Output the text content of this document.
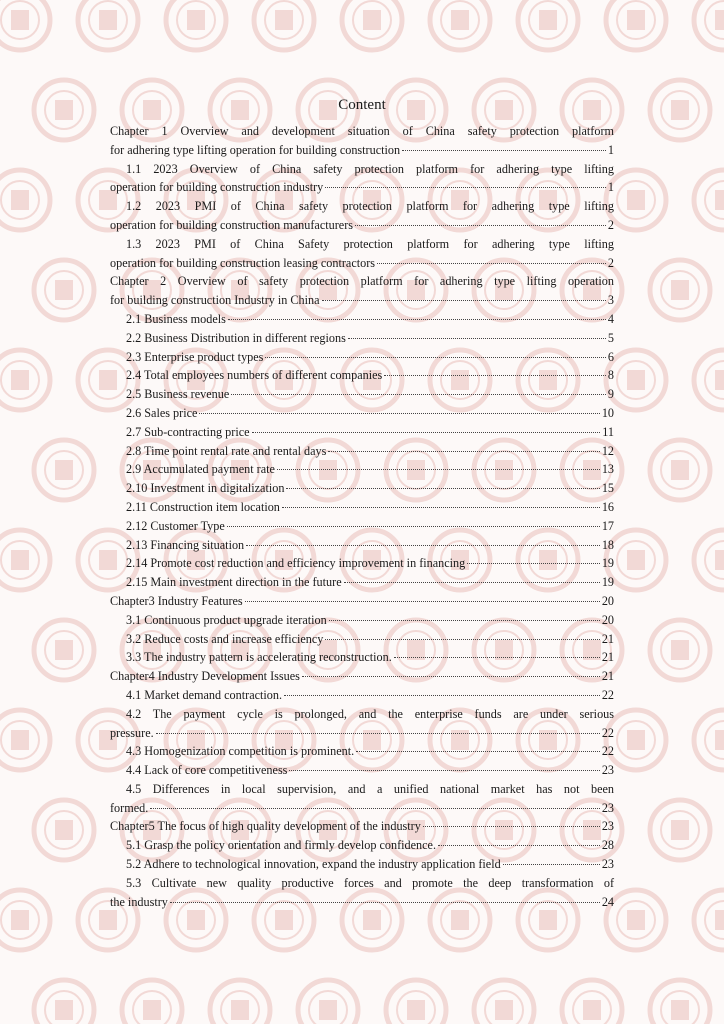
Content
Chapter 1 Overview and development situation of China safety protection platform
for adhering type lifting operation for building construction	1
1.1 2023 Overview of China safety protection platform for adhering type lifting
operation for building construction industry	1
1.2 2023 PMI of China safety protection platform for adhering type lifting
operation for building construction manufacturers	2
1.3 2023 PMI of China Safety protection platform for adhering type lifting
operation for building construction leasing contractors	2
Chapter 2 Overview of safety protection platform for adhering type lifting operation
for building construction Industry in China	3
2.1 Business models	4
2.2 Business Distribution in different regions	5
2.3 Enterprise product types	6
2.4 Total employees numbers of different companies	8
2.5 Business revenue	9
2.6 Sales price	10
2.7 Sub-contracting price	11
2.8 Time point rental rate and rental days	12
2.9 Accumulated payment rate	13
2.10 Investment in digitalization	15
2.11 Construction item location	16
2.12 Customer Type	17
2.13 Financing situation	18
2.14 Promote cost reduction and efficiency improvement in financing	19
2.15 Main investment direction in the future	19
Chapter3 Industry Features	20
3.1 Continuous product upgrade iteration	20
3.2 Reduce costs and increase efficiency	21
3.3 The industry pattern is accelerating reconstruction.	21
Chapter4 Industry Development Issues	21
4.1 Market demand contraction.	22
4.2 The payment cycle is prolonged, and the enterprise funds are under serious
pressure.	22
4.3 Homogenization competition is prominent.	22
4.4 Lack of core competitiveness	23
4.5 Differences in local supervision, and a unified national market has not been
formed.	23
Chapter5 The focus of high quality development of the industry	23
5.1 Grasp the policy orientation and firmly develop confidence.	28
5.2 Adhere to technological innovation, expand the industry application field	23
5.3 Cultivate new quality productive forces and promote the deep transformation of
the industry	24
